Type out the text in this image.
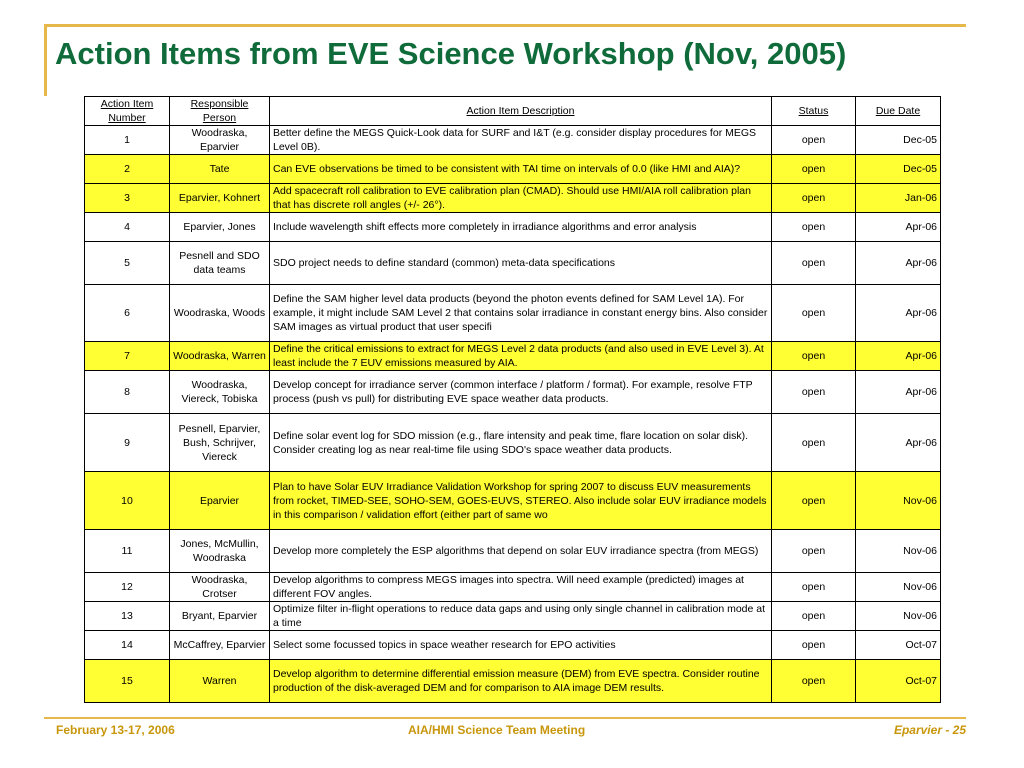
Action Items from EVE Science Workshop (Nov, 2005)
Action Item Number	Responsible Person	Action Item Description	Status	Due Date
1	Woodraska, Eparvier	Better define the MEGS Quick-Look data for SURF and I&T (e.g. consider display procedures for MEGS Level 0B).	open	Dec-05
2	Tate	Can EVE observations be timed to be consistent with TAI time on intervals of 0.0 (like HMI and AIA)?	open	Dec-05
3	Eparvier, Kohnert	Add spacecraft roll calibration to EVE calibration plan (CMAD). Should use HMI/AIA roll calibration plan that has discrete roll angles (+/- 26°).	open	Jan-06
4	Eparvier, Jones	Include wavelength shift effects more completely in irradiance algorithms and error analysis	open	Apr-06
5	Pesnell and SDO data teams	SDO project needs to define standard (common) meta-data specifications	open	Apr-06
6	Woodraska, Woods	Define the SAM higher level data products (beyond the photon events defined for SAM Level 1A). For example, it might include SAM Level 2 that contains solar irradiance in constant energy bins. Also consider SAM images as virtual product that user specifi	open	Apr-06
7	Woodraska, Warren	Define the critical emissions to extract for MEGS Level 2 data products (and also used in EVE Level 3). At least include the 7 EUV emissions measured by AIA.	open	Apr-06
8	Woodraska, Viereck, Tobiska	Develop concept for irradiance server (common interface / platform / format). For example, resolve FTP process (push vs pull) for distributing EVE space weather data products.	open	Apr-06
9	Pesnell, Eparvier, Bush, Schrijver, Viereck	Define solar event log for SDO mission (e.g., flare intensity and peak time, flare location on solar disk). Consider creating log as near real-time file using SDO's space weather data products.	open	Apr-06
10	Eparvier	Plan to have Solar EUV Irradiance Validation Workshop for spring 2007 to discuss EUV measurements from rocket, TIMED-SEE, SOHO-SEM, GOES-EUVS, STEREO. Also include solar EUV irradiance models in this comparison / validation effort (either part of same wo	open	Nov-06
11	Jones, McMullin, Woodraska	Develop more completely the ESP algorithms that depend on solar EUV irradiance spectra (from MEGS)	open	Nov-06
12	Woodraska, Crotser	Develop algorithms to compress MEGS images into spectra. Will need example (predicted) images at different FOV angles.	open	Nov-06
13	Bryant, Eparvier	Optimize filter in-flight operations to reduce data gaps and using only single channel in calibration mode at a time	open	Nov-06
14	McCaffrey, Eparvier	Select some focussed topics in space weather research for EPO activities	open	Oct-07
15	Warren	Develop algorithm to determine differential emission measure (DEM) from EVE spectra. Consider routine production of the disk-averaged DEM and for comparison to AIA image DEM results.	open	Oct-07
February 13-17, 2006	AIA/HMI Science Team Meeting	Eparvier - 25
